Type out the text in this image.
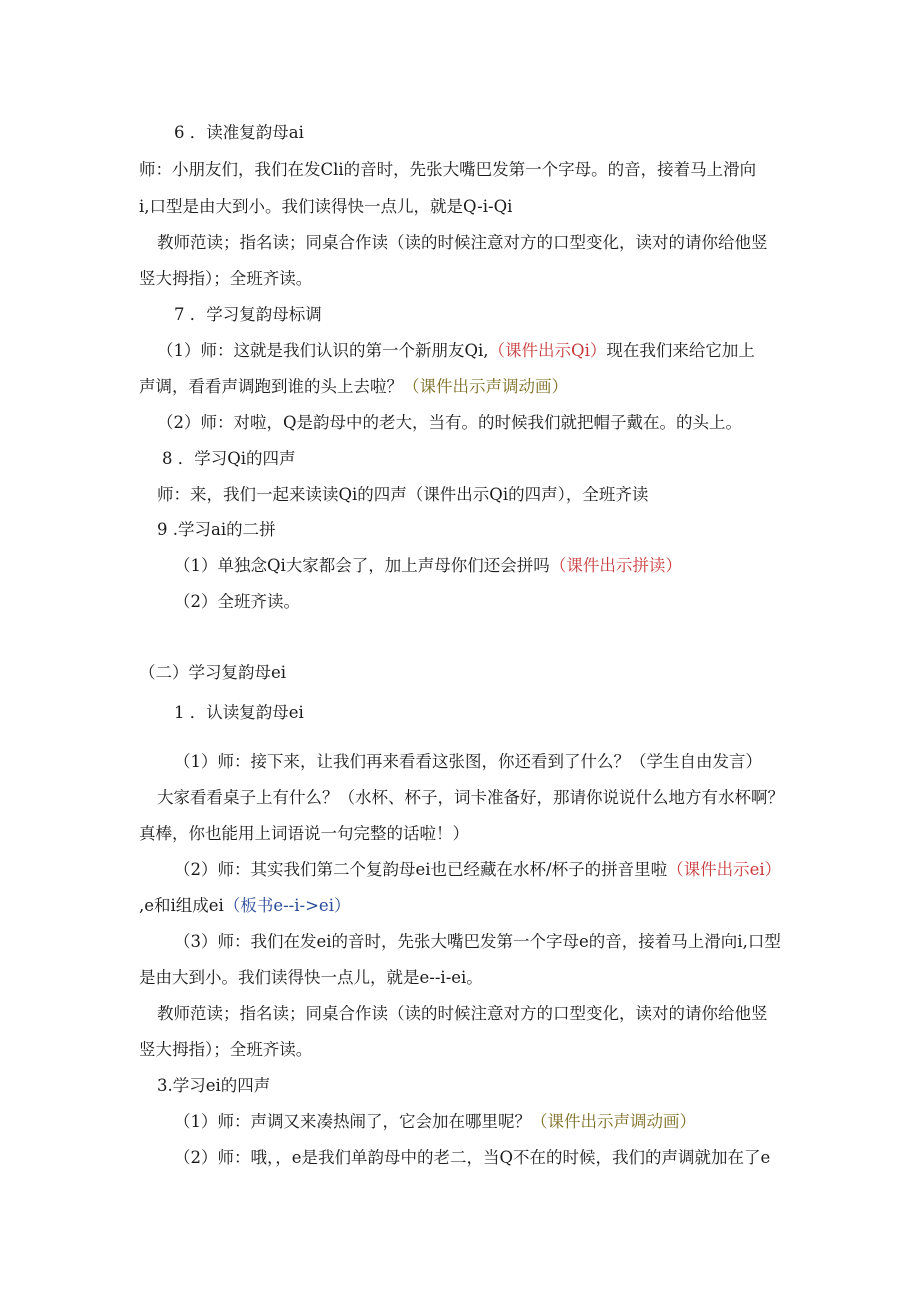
6 ．读准复韵母ai
师：小朋友们，我们在发Cli的音时，先张大嘴巴发第一个字母。的音，接着马上滑向
i,口型是由大到小。我们读得快一点儿，就是Q-i-Qi
教师范读；指名读；同桌合作读（读的时候注意对方的口型变化，读对的请你给他竖
竖大拇指）；全班齐读。
7 ．学习复韵母标调
（1）师：这就是我们认识的第一个新朋友Qi,（课件出示Qi）现在我们来给它加上
声调，看看声调跑到谁的头上去啦？（课件出示声调动画）
（2）师：对啦，Q是韵母中的老大，当有。的时候我们就把帽子戴在。的头上。
8 ．学习Qi的四声
师：来，我们一起来读读Qi的四声（课件出示Qi的四声），全班齐读
9 .学习ai的二拼
（1）单独念Qi大家都会了，加上声母你们还会拼吗（课件出示拼读）
（2）全班齐读。
（二）学习复韵母ei
1 ．认读复韵母ei
（1）师：接下来，让我们再来看看这张图，你还看到了什么？（学生自由发言）
大家看看桌子上有什么？（水杯、杯子，词卡准备好，那请你说说什么地方有水杯啊？
真棒，你也能用上词语说一句完整的话啦！）
（2）师：其实我们第二个复韵母ei也已经藏在水杯/杯子的拼音里啦（课件出示ei）
,e和i组成ei（板书e--i->ei）
（3）师：我们在发ei的音时，先张大嘴巴发第一个字母e的音，接着马上滑向i,口型
是由大到小。我们读得快一点儿，就是e--i-ei。
教师范读；指名读；同桌合作读（读的时候注意对方的口型变化，读对的请你给他竖
竖大拇指）；全班齐读。
3.学习ei的四声
（1）师：声调又来凑热闹了，它会加在哪里呢？（课件出示声调动画）
（2）师：哦，，e是我们单韵母中的老二，当Q不在的时候，我们的声调就加在了e
